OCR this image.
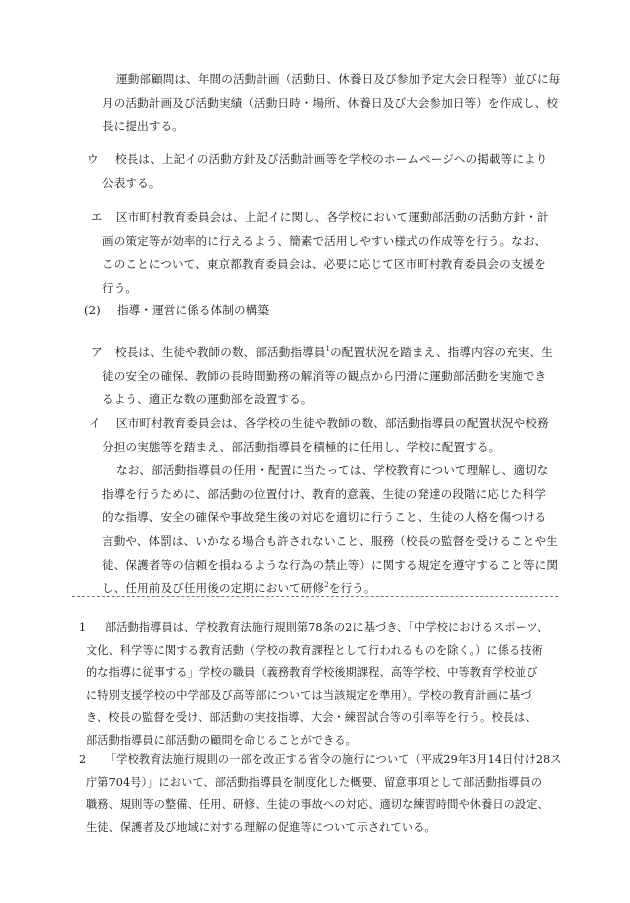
運動部顧問は、年間の活動計画（活動日、休養日及び参加予定大会日程等）並びに毎
月の活動計画及び活動実績（活動日時・場所、休養日及び大会参加日等）を作成し、校
長に提出する。
ウ	校長は、上記イの活動方針及び活動計画等を学校のホームページへの掲載等により
公表する。
エ	区市町村教育委員会は、上記イに関し、各学校において運動部活動の活動方針・計
画の策定等が効率的に行えるよう、簡素で活用しやすい様式の作成等を行う。なお、
このことについて、東京都教育委員会は、必要に応じて区市町村教育委員会の支援を
行う。
(2) 指導・運営に係る体制の構築
ア	校長は、生徒や教師の数、部活動指導員$^1$の配置状況を踏まえ、指導内容の充実、生
徒の安全の確保、教師の長時間勤務の解消等の観点から円滑に運動部活動を実施でき
るよう、適正な数の運動部を設置する。
イ	区市町村教育委員会は、各学校の生徒や教師の数、部活動指導員の配置状況や校務
分担の実態等を踏まえ、部活動指導員を積極的に任用し、学校に配置する。
なお、部活動指導員の任用・配置に当たっては、学校教育について理解し、適切な
指導を行うために、部活動の位置付け、教育的意義、生徒の発達の段階に応じた科学
的な指導、安全の確保や事故発生後の対応を適切に行うこと、生徒の人格を傷つける
言動や、体罰は、いかなる場合も許されないこと、服務（校長の監督を受けることや生
徒、保護者等の信頼を損ねるような行為の禁止等）に関する規定を遵守すること等に関
し、任用前及び任用後の定期において研修$^2$を行う。
1 部活動指導員は、学校教育法施行規則第78条の2に基づき、「中学校におけるスポーツ、
文化、科学等に関する教育活動（学校の教育課程として行われるものを除く。）に係る技術
的な指導に従事する」学校の職員（義務教育学校後期課程、高等学校、中等教育学校並び
に特別支援学校の中学部及び高等部については当該規定を準用）。学校の教育計画に基づ
き、校長の監督を受け、部活動の実技指導、大会・練習試合等の引率等を行う。校長は、
部活動指導員に部活動の顧問を命じることができる。
2 「学校教育法施行規則の一部を改正する省令の施行について（平成29年3月14日付け28ス
庁第704号）」において、部活動指導員を制度化した概要、留意事項として部活動指導員の
職務、規則等の整備、任用、研修、生徒の事故への対応、適切な練習時間や休養日の設定、
生徒、保護者及び地域に対する理解の促進等について示されている。
